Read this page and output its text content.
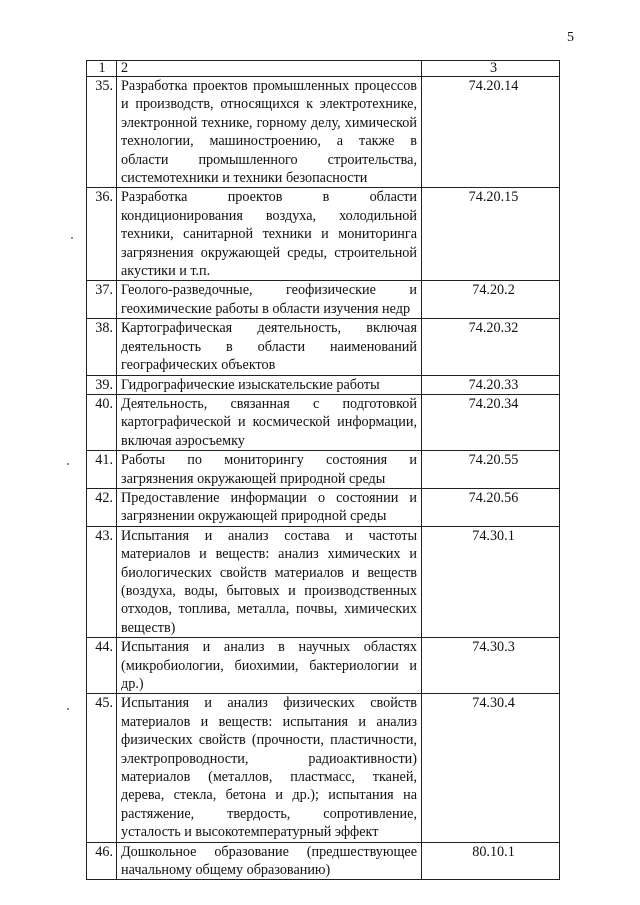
5
1	2	3
35.	Разработка проектов промышленных процессов и производств, относящихся к электротехнике, электронной технике, горному делу, химической технологии, машиностроению, а также в области промышленного строительства, системотехники и техники безопасности	74.20.14
36.	Разработка проектов в области кондиционирования воздуха, холодильной техники, санитарной техники и мониторинга загрязнения окружающей среды, строительной акустики и т.п.	74.20.15
37.	Геолого-разведочные, геофизические и геохимические работы в области изучения недр	74.20.2
38.	Картографическая деятельность, включая деятельность в области наименований географических объектов	74.20.32
39.	Гидрографические изыскательские работы	74.20.33
40.	Деятельность, связанная с подготовкой картографической и космической информации, включая аэросъемку	74.20.34
41.	Работы по мониторингу состояния и загрязнения окружающей природной среды	74.20.55
42.	Предоставление информации о состоянии и загрязнении окружающей природной среды	74.20.56
43.	Испытания и анализ состава и частоты материалов и веществ: анализ химических и биологических свойств материалов и веществ (воздуха, воды, бытовых и производственных отходов, топлива, металла, почвы, химических веществ)	74.30.1
44.	Испытания и анализ в научных областях (микробиологии, биохимии, бактериологии и др.)	74.30.3
45.	Испытания и анализ физических свойств материалов и веществ: испытания и анализ физических свойств (прочности, пластичности, электропроводности, радиоактивности) материалов (металлов, пластмасс, тканей, дерева, стекла, бетона и др.); испытания на растяжение, твердость, сопротивление, усталость и высокотемпературный эффект	74.30.4
46.	Дошкольное образование (предшествующее начальному общему образованию)	80.10.1
